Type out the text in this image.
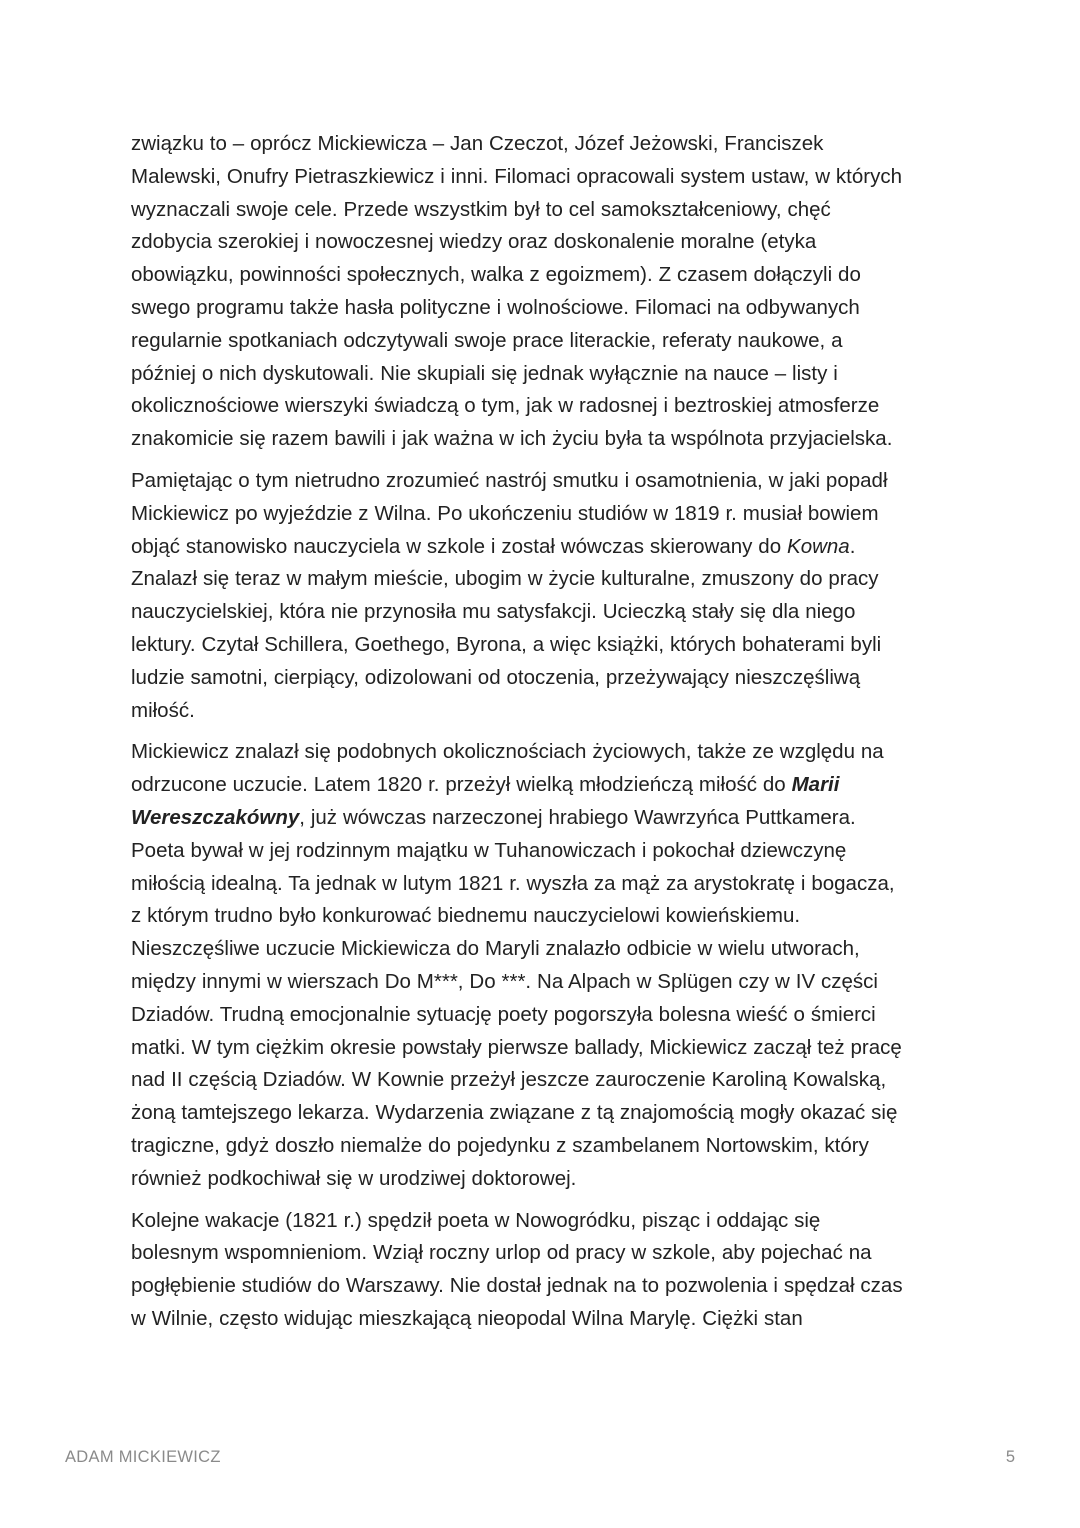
związku to – oprócz Mickiewicza – Jan Czeczot, Józef Jeżowski, Franciszek
Malewski, Onufry Pietraszkiewicz i inni. Filomaci opracowali system ustaw, w których
wyznaczali swoje cele. Przede wszystkim był to cel samokształceniowy, chęć
zdobycia szerokiej i nowoczesnej wiedzy oraz doskonalenie moralne (etyka
obowiązku, powinności społecznych, walka z egoizmem). Z czasem dołączyli do
swego programu także hasła polityczne i wolnościowe. Filomaci na odbywanych
regularnie spotkaniach odczytywali swoje prace literackie, referaty naukowe, a
później o nich dyskutowali. Nie skupiali się jednak wyłącznie na nauce – listy i
okolicznościowe wierszyki świadczą o tym, jak w radosnej i beztroskiej atmosferze
znakomicie się razem bawili i jak ważna w ich życiu była ta wspólnota przyjacielska.

Pamiętając o tym nietrudno zrozumieć nastrój smutku i osamotnienia, w jaki popadł
Mickiewicz po wyjeździe z Wilna. Po ukończeniu studiów w 1819 r. musiał bowiem
objąć stanowisko nauczyciela w szkole i został wówczas skierowany do Kowna.
Znalazł się teraz w małym mieście, ubogim w życie kulturalne, zmuszony do pracy
nauczycielskiej, która nie przynosiła mu satysfakcji. Ucieczką stały się dla niego
lektury. Czytał Schillera, Goethego, Byrona, a więc książki, których bohaterami byli
ludzie samotni, cierpiący, odizolowani od otoczenia, przeżywający nieszczęśliwą
miłość.

Mickiewicz znalazł się podobnych okolicznościach życiowych, także ze względu na
odrzucone uczucie. Latem 1820 r. przeżył wielką młodzieńczą miłość do Marii
Wereszczakówny, już wówczas narzeczonej hrabiego Wawrzyńca Puttkamera.
Poeta bywał w jej rodzinnym majątku w Tuhanowiczach i pokochał dziewczynę
miłością idealną. Ta jednak w lutym 1821 r. wyszła za mąż za arystokratę i bogacza,
z którym trudno było konkurować biednemu nauczycielowi kowieńskiemu.
Nieszczęśliwe uczucie Mickiewicza do Maryli znalazło odbicie w wielu utworach,
między innymi w wierszach Do M***, Do ***. Na Alpach w Splügen czy w IV części
Dziadów. Trudną emocjonalnie sytuację poety pogorszyła bolesna wieść o śmierci
matki. W tym ciężkim okresie powstały pierwsze ballady, Mickiewicz zaczął też pracę
nad II częścią Dziadów. W Kownie przeżył jeszcze zauroczenie Karoliną Kowalską,
żoną tamtejszego lekarza. Wydarzenia związane z tą znajomością mogły okazać się
tragiczne, gdyż doszło niemalże do pojedynku z szambelanem Nortowskim, który
również podkochiwał się w urodziwej doktorowej.

Kolejne wakacje (1821 r.) spędził poeta w Nowogródku, pisząc i oddając się
bolesnym wspomnieniom. Wziął roczny urlop od pracy w szkole, aby pojechać na
pogłębienie studiów do Warszawy. Nie dostał jednak na to pozwolenia i spędzał czas
w Wilnie, często widując mieszkającą nieopodal Wilna Marylę. Ciężki stan

ADAM MICKIEWICZ	5
